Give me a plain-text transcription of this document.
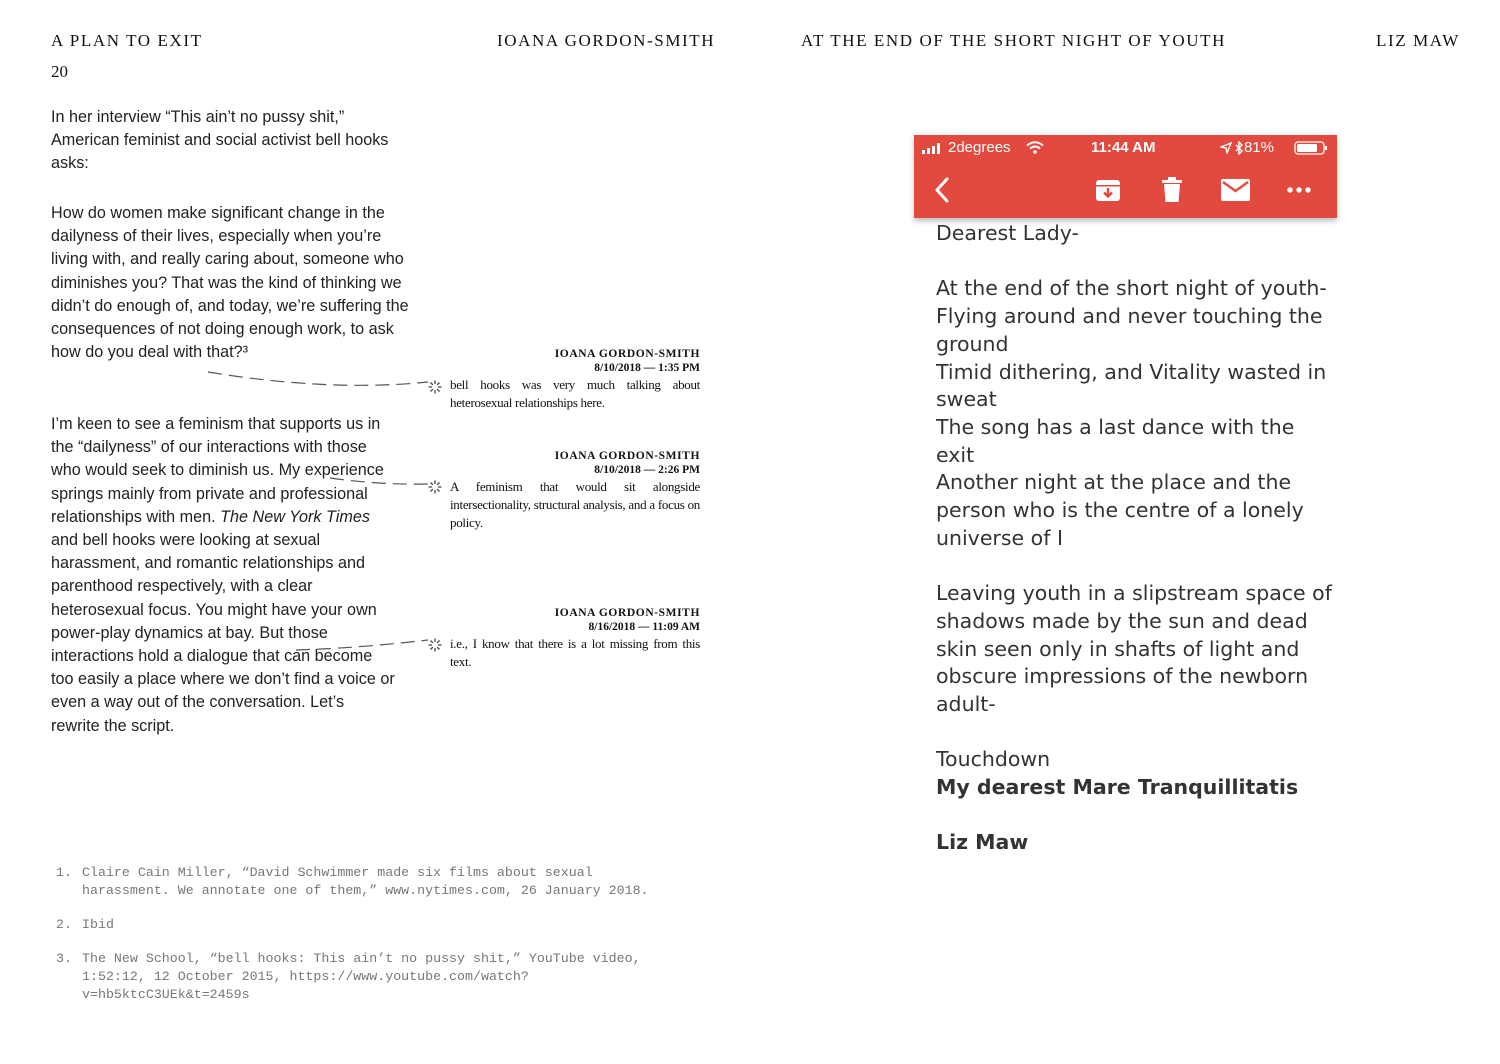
A PLAN TO EXIT	IOANA GORDON-SMITH
20

In her interview “This ain’t no pussy shit,” American feminist and social activist bell hooks asks:

How do women make significant change in the dailyness of their lives, especially when you’re living with, and really caring about, someone who diminishes you? That was the kind of thinking we didn’t do enough of, and today, we’re suffering the consequences of not doing enough work, to ask how do you deal with that?³

I’m keen to see a feminism that supports us in the “dailyness” of our interactions with those who would seek to diminish us. My experience springs mainly from private and professional relationships with men. The New York Times and bell hooks were looking at sexual harassment, and romantic relationships and parenthood respectively, with a clear heterosexual focus. You might have your own power-play dynamics at bay. But those interactions hold a dialogue that can become too easily a place where we don’t find a voice or even a way out of the conversation. Let’s rewrite the script.

IOANA GORDON-SMITH
8/10/2018 — 1:35 PM
bell hooks was very much talking about heterosexual relationships here.
IOANA GORDON-SMITH
8/10/2018 — 2:26 PM
A feminism that would sit alongside intersectionality, structural analysis, and a focus on policy.
IOANA GORDON-SMITH
8/16/2018 — 11:09 AM
i.e., I know that there is a lot missing from this text.
1. Claire Cain Miller, “David Schwimmer made six films about sexual harassment. We annotate one of them,” www.nytimes.com, 26 January 2018.
2. Ibid
3. The New School, “bell hooks: This ain’t no pussy shit,” YouTube video, 1:52:12, 12 October 2015, https://www.youtube.com/watch?v=hb5ktcC3UEk&t=2459s
AT THE END OF THE SHORT NIGHT OF YOUTH	LIZ MAW
2degrees	11:44 AM	81%

Dearest Lady-

At the end of the short night of youth-
Flying around and never touching the ground
Timid dithering, and Vitality wasted in sweat
The song has a last dance with the exit
Another night at the place and the person who is the centre of a lonely universe of I

Leaving youth in a slipstream space of shadows made by the sun and dead skin seen only in shafts of light and obscure impressions of the newborn adult-

Touchdown
My dearest Mare Tranquillitatis

Liz Maw
